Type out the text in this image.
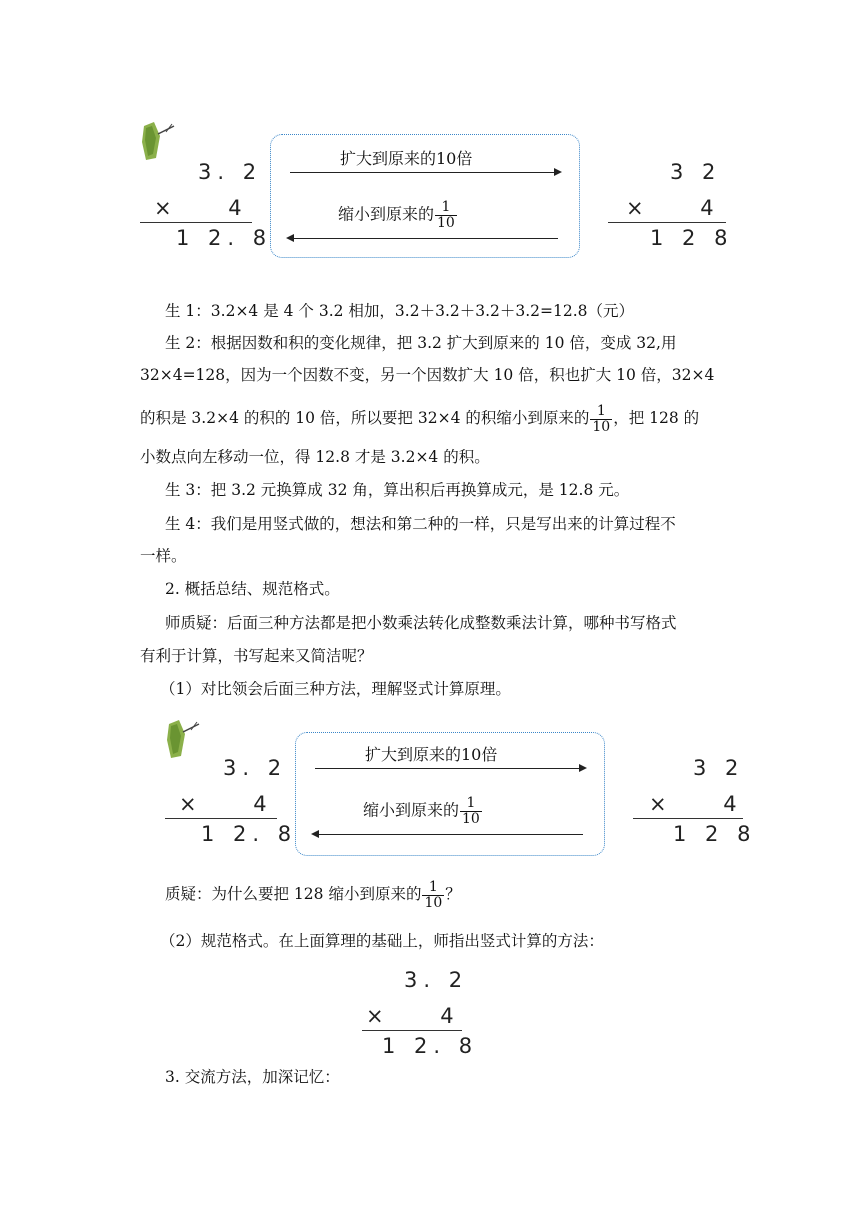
3. 2
×    4
1 2. 8
扩大到原来的10倍
缩小到原来的 $\frac{1}{10}$
3 2
×    4
1 2 8
生 1：3.2×4 是 4 个 3.2 相加，3.2＋3.2＋3.2＋3.2=12.8（元）
生 2：根据因数和积的变化规律，把 3.2 扩大到原来的 10 倍，变成 32,用
32×4=128，因为一个因数不变，另一个因数扩大 10 倍，积也扩大 10 倍，32×4
的积是 3.2×4 的积的 10 倍，所以要把 32×4 的积缩小到原来的 $\frac{1}{10}$ ，把 128 的
小数点向左移动一位，得 12.8 才是 3.2×4 的积。
生 3：把 3.2 元换算成 32 角，算出积后再换算成元，是 12.8 元。
生 4：我们是用竖式做的，想法和第二种的一样，只是写出来的计算过程不
一样。
2. 概括总结、规范格式。
师质疑：后面三种方法都是把小数乘法转化成整数乘法计算，哪种书写格式
有利于计算，书写起来又简洁呢？
（1）对比领会后面三种方法，理解竖式计算原理。
3. 2
×    4
1 2. 8
扩大到原来的10倍
缩小到原来的 $\frac{1}{10}$
3 2
×    4
1 2 8
质疑：为什么要把 128 缩小到原来的 $\frac{1}{10}$ ？
（2）规范格式。在上面算理的基础上，师指出竖式计算的方法：
3. 2
×    4
1 2. 8
3. 交流方法，加深记忆：
